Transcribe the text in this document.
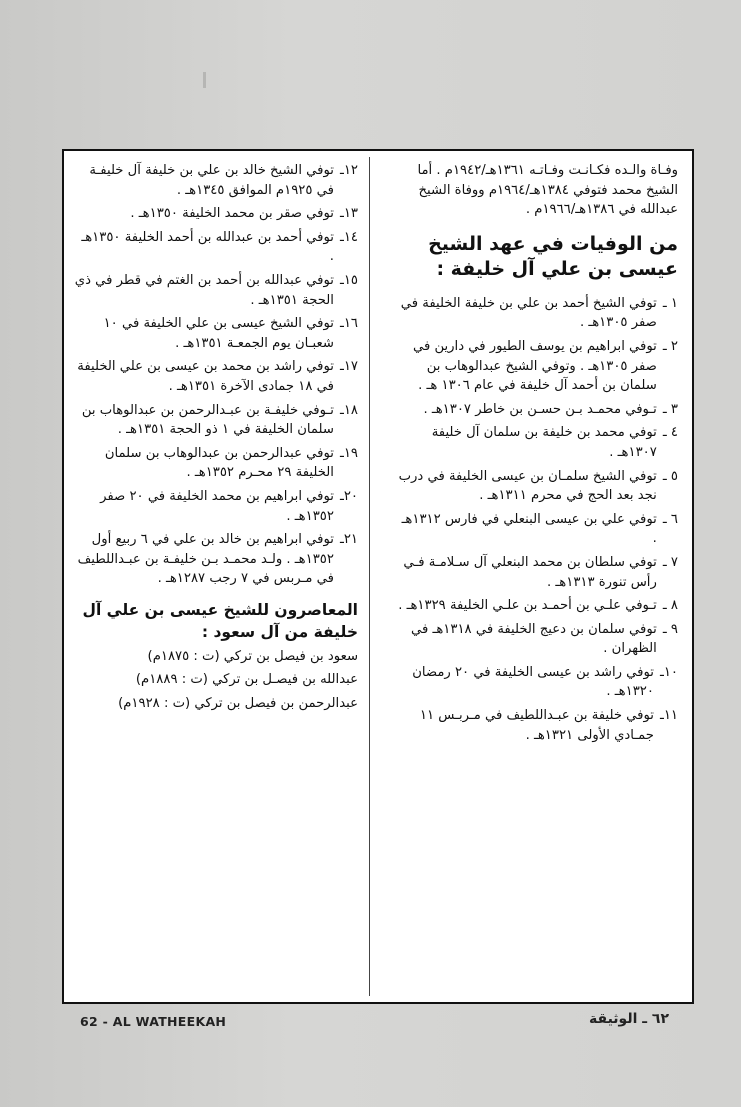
وفـاة والـده فكـانـت وفـاتـه ١٣٦١هـ/١٩٤٢م . أما الشيخ محمد فتوفي ١٣٨٤هـ/١٩٦٤م ووفاة الشيخ عبدالله في ١٣٨٦هـ/١٩٦٦م .

من الوفيات في عهد الشيخ عيسى بن علي آل خليفة :
١ ـ
توفي الشيخ أحمد بن علي بن خليفة الخليفة في صفر ١٣٠٥هـ .
٢ ـ
توفي ابراهيم بن يوسف الطيور في دارين في صفر ١٣٠٥هـ . وتوفي الشيخ عبدالوهاب بن سلمان بن أحمد آل خليفة في عام ١٣٠٦ هـ .
٣ ـ
تـوفي محمـد بـن حسـن بن خاطر ١٣٠٧هـ .
٤ ـ
توفي محمد بن خليفة بن سلمان آل خليفة ١٣٠٧هـ .
٥ ـ
توفي الشيخ سلمـان بن عيسى الخليفة في درب نجد بعد الحج في محرم ١٣١١هـ .
٦ ـ
توفي علي بن عيسى البنعلي في فارس ١٣١٢هـ .
٧ ـ
توفي سلطان بن محمد البنعلي آل سـلامـة فـي رأس تنورة ١٣١٣هـ .
٨ ـ
تـوفي علـي بن أحمـد بن علـي الخليفة ١٣٢٩هـ .
٩ ـ
توفي سلمان بن دعيج الخليفة في ١٣١٨هـ في الظهران .
١٠ـ
توفي راشد بن عيسى الخليفة في ٢٠ رمضان ١٣٢٠هـ .
١١ـ
توفي خليفة بن عبـداللطيف في مـربـس ١١ جمـادي الأولى ١٣٢١هـ .
١٢ـ
توفي الشيخ خالد بن علي بن خليفة آل خليفـة في ١٩٢٥م الموافق ١٣٤٥هـ .
١٣ـ
توفي صقر بن محمد الخليفة ١٣٥٠هـ .
١٤ـ
توفي أحمد بن عبدالله بن أحمد الخليفة ١٣٥٠هـ .
١٥ـ
توفي عبدالله بن أحمد بن الغتم في قطر في ذي الحجة ١٣٥١هـ .
١٦ـ
توفي الشيخ عيسى بن علي الخليفة في ١٠ شعبـان يوم الجمعـة ١٣٥١هـ .
١٧ـ
توفي راشد بن محمد بن عيسى بن علي الخليفة في ١٨ جمادى الآخرة ١٣٥١هـ .
١٨ـ
تـوفي خليفـة بن عبـدالرحمن بن عبدالوهاب بن سلمان الخليفة في ١ ذو الحجة ١٣٥١هـ .
١٩ـ
توفي عبدالرحمن بن عبدالوهاب بن سلمان الخليفة ٢٩ محـرم ١٣٥٢هـ .
٢٠ـ
توفي ابراهيم بن محمد الخليفة في ٢٠ صفر ١٣٥٢هـ .
٢١ـ
توفي ابراهيم بن خالد بن علي في ٦ ربيع أول ١٣٥٢هـ . ولـد محمـد بـن خليفـة بن عبـداللطيف في مـربس في ٧ رجب ١٢٨٧هـ .
المعاصرون للشيخ عيسى بن علي آل خليفة من آل سعود :

سعود بن فيصل بن تركي (ت : ١٨٧٥م)

عبدالله بن فيصـل بن تركي (ت : ١٨٨٩م)

عبدالرحمن بن فيصل بن تركي (ت : ١٩٢٨م)

62 - AL WATHEEKAH	٦٢ ـ الوثيقة
